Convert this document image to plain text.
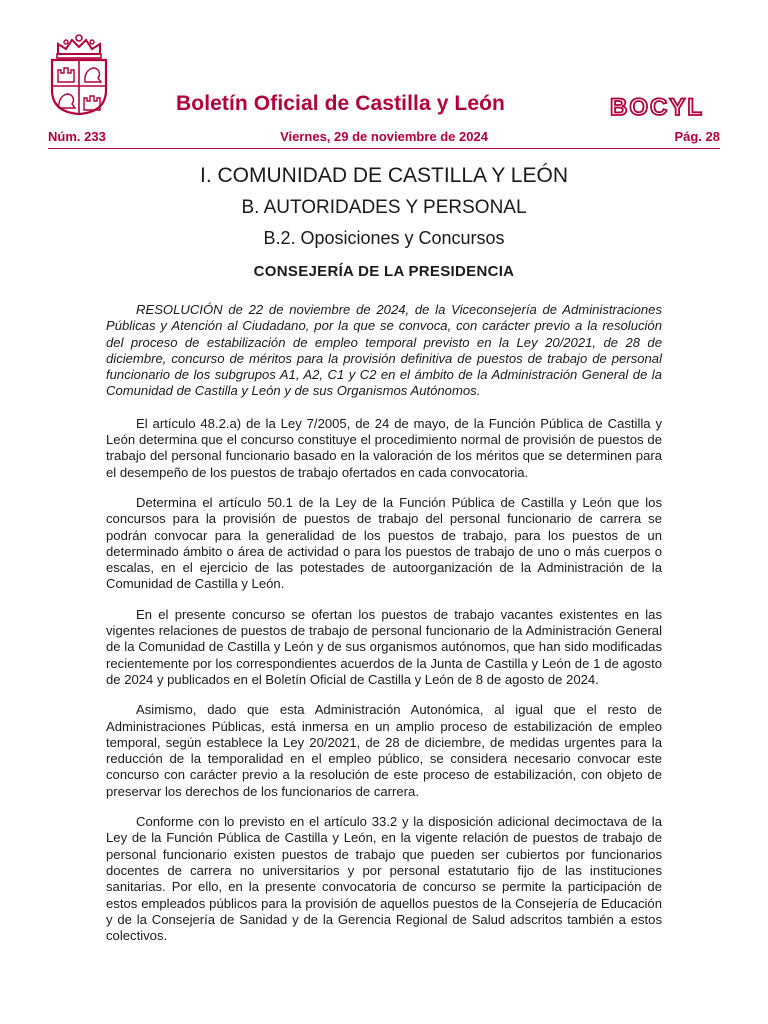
Boletín Oficial de Castilla y León	BOCYL
Núm. 233	Viernes, 29 de noviembre de 2024	Pág. 28
I. COMUNIDAD DE CASTILLA Y LEÓN
B. AUTORIDADES Y PERSONAL
B.2. Oposiciones y Concursos
CONSEJERÍA DE LA PRESIDENCIA

RESOLUCIÓN de 22 de noviembre de 2024, de la Viceconsejería de Administraciones Públicas y Atención al Ciudadano, por la que se convoca, con carácter previo a la resolución del proceso de estabilización de empleo temporal previsto en la Ley 20/2021, de 28 de diciembre, concurso de méritos para la provisión definitiva de puestos de trabajo de personal funcionario de los subgrupos A1, A2, C1 y C2 en el ámbito de la Administración General de la Comunidad de Castilla y León y de sus Organismos Autónomos.

El artículo 48.2.a) de la Ley 7/2005, de 24 de mayo, de la Función Pública de Castilla y León determina que el concurso constituye el procedimiento normal de provisión de puestos de trabajo del personal funcionario basado en la valoración de los méritos que se determinen para el desempeño de los puestos de trabajo ofertados en cada convocatoria.

Determina el artículo 50.1 de la Ley de la Función Pública de Castilla y León que los concursos para la provisión de puestos de trabajo del personal funcionario de carrera se podrán convocar para la generalidad de los puestos de trabajo, para los puestos de un determinado ámbito o área de actividad o para los puestos de trabajo de uno o más cuerpos o escalas, en el ejercicio de las potestades de autoorganización de la Administración de la Comunidad de Castilla y León.

En el presente concurso se ofertan los puestos de trabajo vacantes existentes en las vigentes relaciones de puestos de trabajo de personal funcionario de la Administración General de la Comunidad de Castilla y León y de sus organismos autónomos, que han sido modificadas recientemente por los correspondientes acuerdos de la Junta de Castilla y León de 1 de agosto de 2024 y publicados en el Boletín Oficial de Castilla y León de 8 de agosto de 2024.

Asimismo, dado que esta Administración Autonómica, al igual que el resto de Administraciones Públicas, está inmersa en un amplio proceso de estabilización de empleo temporal, según establece la Ley 20/2021, de 28 de diciembre, de medidas urgentes para la reducción de la temporalidad en el empleo público, se considera necesario convocar este concurso con carácter previo a la resolución de este proceso de estabilización, con objeto de preservar los derechos de los funcionarios de carrera.

Conforme con lo previsto en el artículo 33.2 y la disposición adicional decimoctava de la Ley de la Función Pública de Castilla y León, en la vigente relación de puestos de trabajo de personal funcionario existen puestos de trabajo que pueden ser cubiertos por funcionarios docentes de carrera no universitarios y por personal estatutario fijo de las instituciones sanitarias. Por ello, en la presente convocatoria de concurso se permite la participación de estos empleados públicos para la provisión de aquellos puestos de la Consejería de Educación y de la Consejería de Sanidad y de la Gerencia Regional de Salud adscritos también a estos colectivos.
